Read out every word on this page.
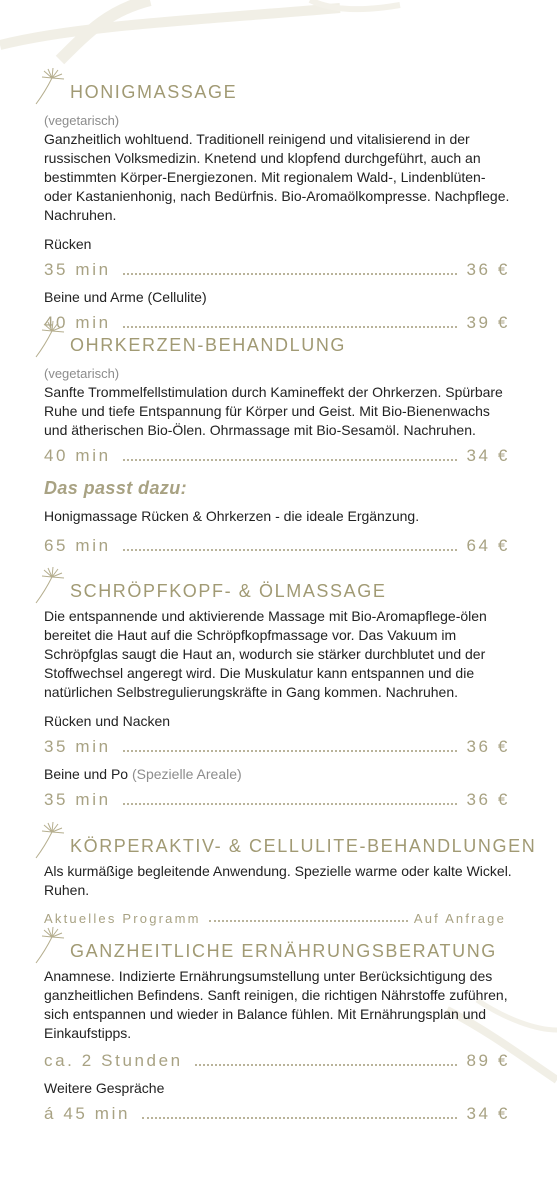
HONIGMASSAGE
(vegetarisch)
Ganzheitlich wohltuend. Traditionell reinigend und vitalisierend in der russischen Volksmedizin. Knetend und klopfend durchgeführt, auch an bestimmten Körper-Energiezonen. Mit regionalem Wald-, Lindenblüten- oder Kastanienhonig, nach Bedürfnis. Bio-Aromaölkompresse. Nachpflege. Nachruhen.
Rücken
35 min	36 €
Beine und Arme (Cellulite)
40 min	39 €
OHRKERZEN-BEHANDLUNG
(vegetarisch)
Sanfte Trommelfellstimulation durch Kamineffekt der Ohrkerzen. Spürbare Ruhe und tiefe Entspannung für Körper und Geist. Mit Bio-Bienenwachs und ätherischen Bio-Ölen. Ohrmassage mit Bio-Sesamöl. Nachruhen.
40 min	34 €
Das passt dazu:
Honigmassage Rücken & Ohrkerzen - die ideale Ergänzung.
65 min	64 €
SCHRÖPFKOPF- & ÖLMASSAGE
Die entspannende und aktivierende Massage mit Bio-Aromapflege-ölen bereitet die Haut auf die Schröpfkopfmassage vor. Das Vakuum im Schröpfglas saugt die Haut an, wodurch sie stärker durchblutet und der Stoffwechsel angeregt wird. Die Muskulatur kann entspannen und die natürlichen Selbstregulierungskräfte in Gang kommen. Nachruhen.
Rücken und Nacken
35 min	36 €
Beine und Po (Spezielle Areale)
35 min	36 €
KÖRPERAKTIV- & CELLULITE-BEHANDLUNGEN
Als kurmäßige begleitende Anwendung. Spezielle warme oder kalte Wickel. Ruhen.
Aktuelles Programm	Auf Anfrage
GANZHEITLICHE ERNÄHRUNGSBERATUNG
Anamnese. Indizierte Ernährungsumstellung unter Berücksichtigung des ganzheitlichen Befindens. Sanft reinigen, die richtigen Nährstoffe zuführen, sich entspannen und wieder in Balance fühlen. Mit Ernährungsplan und Einkaufstipps.
ca. 2 Stunden	89 €
Weitere Gespräche
á 45 min	34 €
